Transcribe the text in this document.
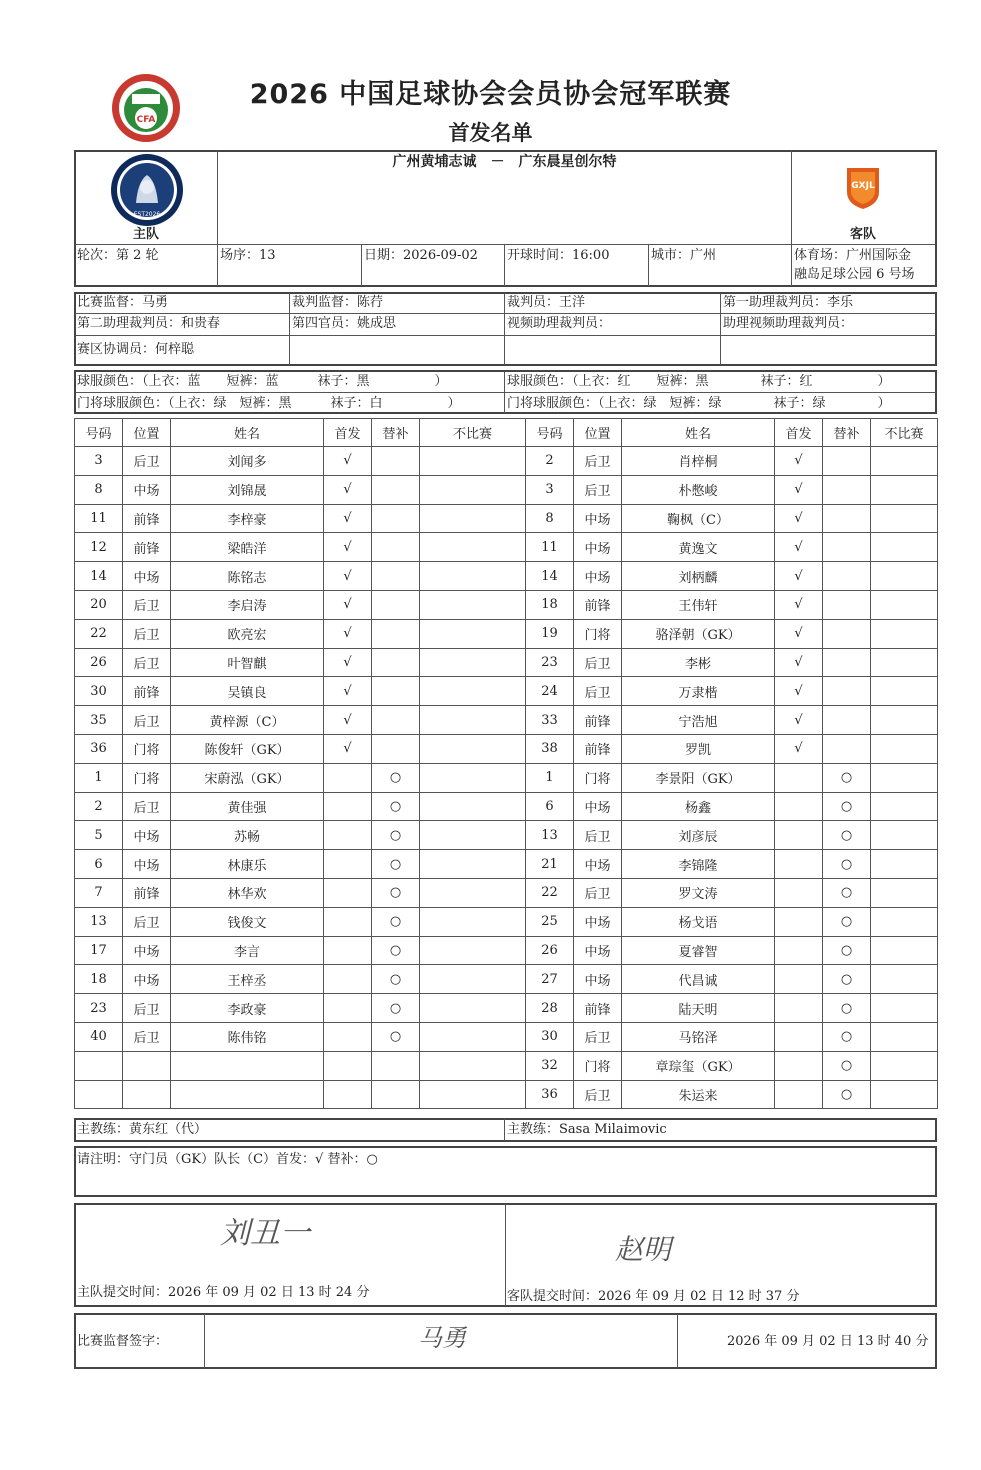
CFA
2026 中国足球协会会员协会冠军联赛
首发名单
EST2026
主队
广州黄埔志诚　－　广东晨星创尔特
GXJL
客队
轮次：第 2 轮	场序：13	日期：2026-09-02 开球时间：16:00	城市：广州	体育场：广州国际金
融岛足球公园 6 号场
比赛监督：马勇	裁判监督：陈荇	裁判员：王洋	第一助理裁判员：李乐
第二助理裁判员：和贵春	第四官员：姚成思	视频助理裁判员：	助理视频助理裁判员：
赛区协调员：何梓聪
球服颜色：（上衣：蓝　　短裤：蓝　　　袜子：黑　　　　　）
门将球服颜色：（上衣：绿　短裤：黑　　　袜子：白　　　　　）
球服颜色：（上衣：红　　短裤：黑　　　　袜子：红　　　　　）
门将球服颜色：（上衣：绿　短裤：绿　　　　袜子：绿　　　　）
号码	位置	姓名	首发	替补	不比赛
3	后卫	刘闻多	√		
8	中场	刘锦晟	√		
11	前锋	李梓豪	√		
12	前锋	梁皓洋	√		
14	中场	陈铭志	√		
20	后卫	李启涛	√		
22	后卫	欧亮宏	√		
26	后卫	叶智麒	√		
30	前锋	吴镇良	√		
35	后卫	黄梓源（C）	√		
36	门将	陈俊轩（GK）	√		
1	门将	宋蔚泓（GK）		○	
2	后卫	黄佳强		○	
5	中场	苏畅		○	
6	中场	林康乐		○	
7	前锋	林华欢		○	
13	后卫	钱俊文		○	
17	中场	李言		○	
18	中场	王梓丞		○	
23	后卫	李政豪		○	
40	后卫	陈伟铭		○	

号码	位置	姓名	首发	替补	不比赛
2	后卫	肖梓桐	√		
3	后卫	朴憋峻	√		
8	中场	鞠枫（C）	√		
11	中场	黄逸文	√		
14	中场	刘柄麟	√		
18	前锋	王伟轩	√		
19	门将	骆泽朝（GK）	√		
23	后卫	李彬	√		
24	后卫	万隶楷	√		
33	前锋	宁浩旭	√		
38	前锋	罗凯	√		
1	门将	李景阳（GK）		○	
6	中场	杨鑫		○	
13	后卫	刘彦辰		○	
21	中场	李锦隆		○	
22	后卫	罗文涛		○	
25	中场	杨戈语		○	
26	中场	夏睿智		○	
27	中场	代昌诚		○	
28	前锋	陆天明		○	
30	后卫	马铭泽		○	
32	门将	章琮玺（GK）		○	
36	后卫	朱运来		○	
主教练：黄东红（代）	主教练：Sasa Milaimovic
请注明：守门员（GK）队长（C）首发：√ 替补：○
刘丑一	赵明
主队提交时间：2026 年 09 月 02 日 13 时 24 分	客队提交时间：2026 年 09 月 02 日 12 时 37 分
比赛监督签字：	马勇	2026 年 09 月 02 日 13 时 40 分
